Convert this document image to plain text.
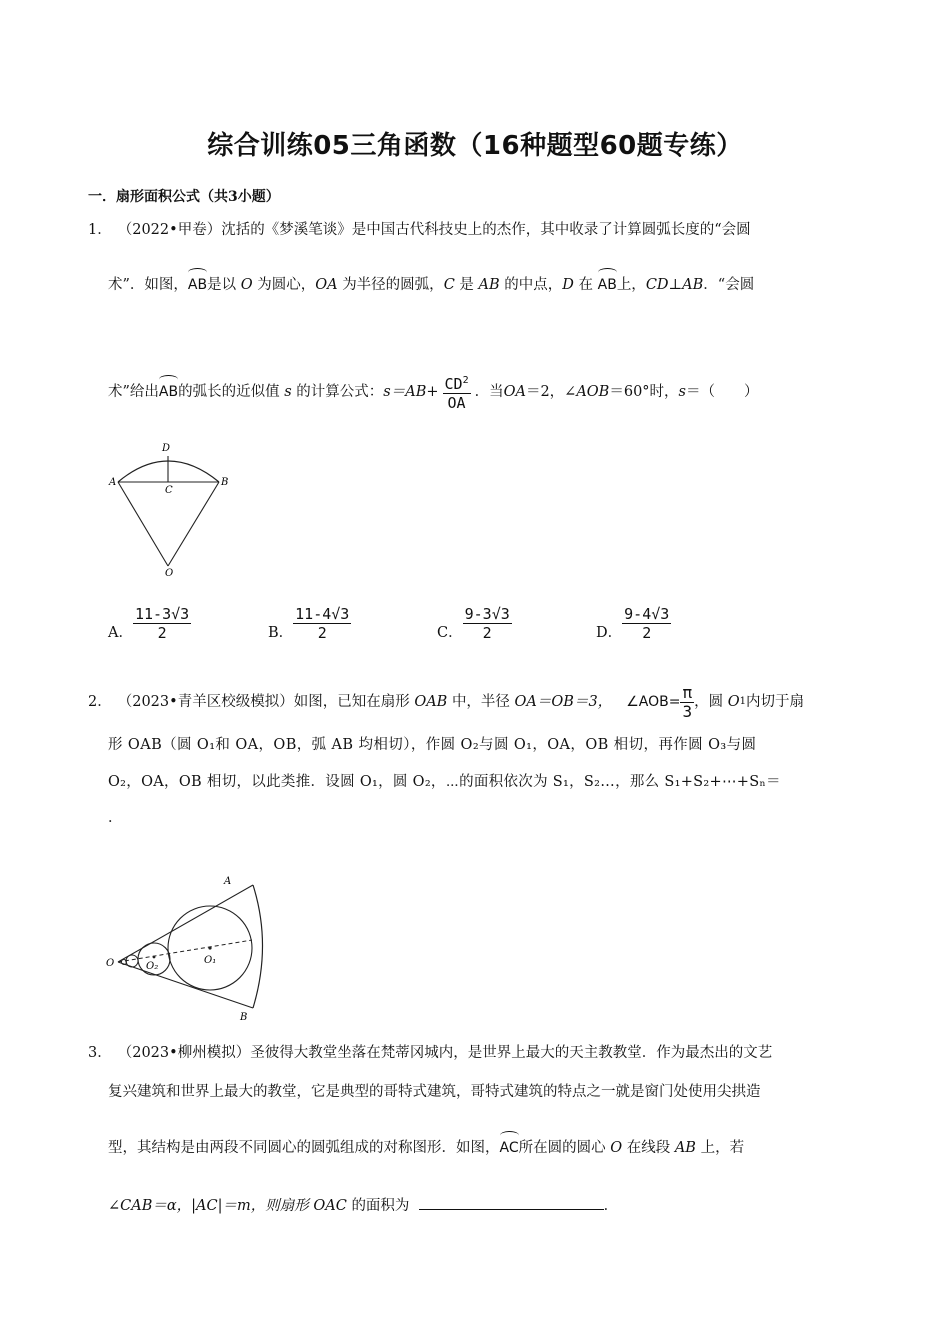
综合训练05三角函数（16种题型60题专练）
一．扇形面积公式（共3小题）
1． （2022•甲卷）沈括的《梦溪笔谈》是中国古代科技史上的杰作，其中收录了计算圆弧长度的“会圆
术”．如图，AB是以 O 为圆心，OA 为半径的圆弧，C 是 AB 的中点，D 在 AB上，CD⊥AB．“会圆
术”给出 AB 的弧长的近似值
s
的计算公式： $s=AB+ \frac{CD^2}{OA}$ ．当 OA ＝2，∠ AOB ＝60°时， s ＝（　　）
A	B
C
D
O
A． $\frac{11-3√3}{2}$	B． $\frac{11-4√3}{2}$	C． $\frac{9-3√3}{2}$	D． $\frac{9-4√3}{2}$
2． （2023•青羊区校级模拟） 如图，已知在扇形
OAB
中，半径
OA＝OB＝3， ∠AOB= $\frac{\pi}{3}$ ，圆
O 1 内切于扇
形 OAB（圆 O₁和 OA，OB，弧 AB 均相切），作圆 O₂与圆 O₁，OA，OB 相切，再作圆 O₃与圆
O₂，OA，OB 相切，以此类推．设圆 O₁，圆 O₂，⋯的面积依次为 S₁，S₂…，那么 S₁+S₂+⋯+Sₙ＝
．
O
A
B
O₁
O₂
3． （2023•柳州模拟）圣彼得大教堂坐落在梵蒂冈城内，是世界上最大的天主教教堂．作为最杰出的文艺
复兴建筑和世界上最大的教堂，它是典型的哥特式建筑，哥特式建筑的特点之一就是窗门处使用尖拱造
型，其结构是由两段不同圆心的圆弧组成的对称图形．如图，AC所在圆的圆心 O 在线段 AB 上，若
∠CAB＝α，|AC|＝m，则扇形 OAC 的面积为	．
